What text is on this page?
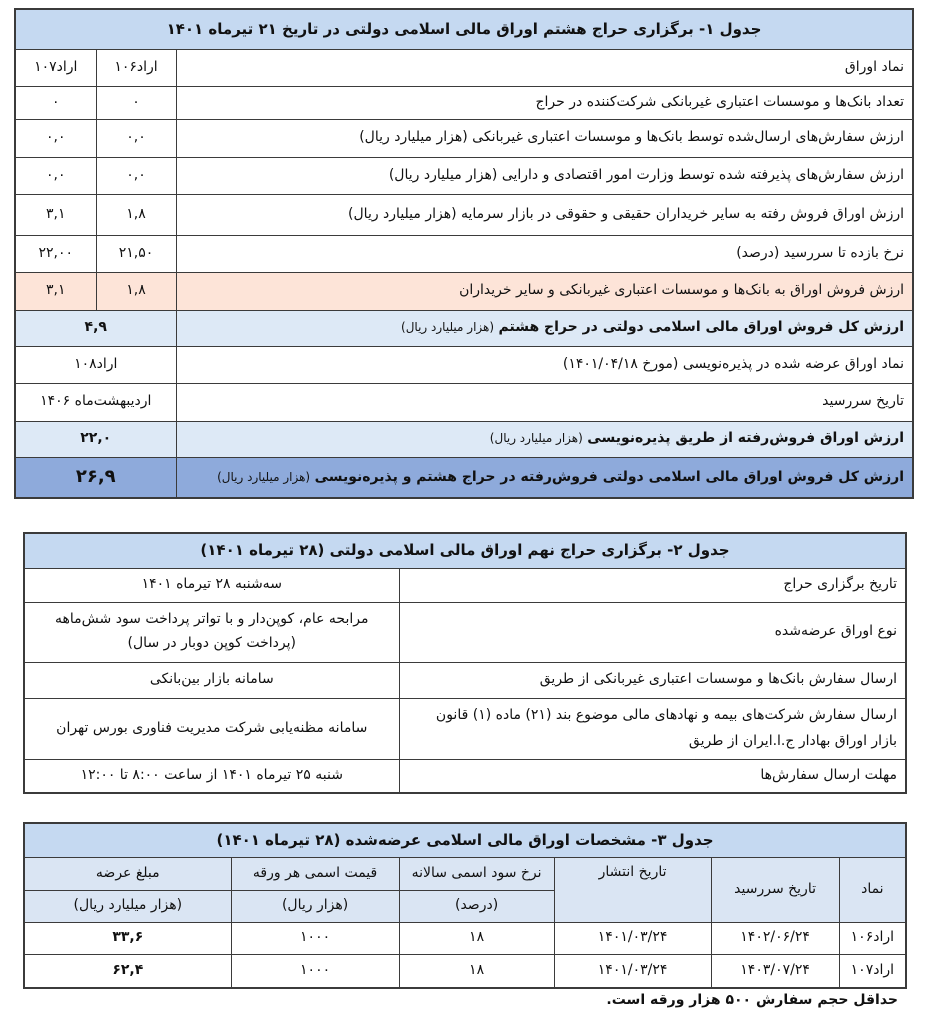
جدول ۱- برگزاری حراج هشتم اوراق مالی اسلامی دولتی در تاریخ ۲۱ تیرماه ۱۴۰۱		
نماد اوراق	اراد۱۰۶	اراد۱۰۷
تعداد بانک‌ها و موسسات اعتباری غیربانکی شرکت‌کننده در حراج	۰	۰
ارزش سفارش‌های ارسال‌شده توسط بانک‌ها و موسسات اعتباری غیربانکی (هزار میلیارد ریال)	۰,۰	۰,۰
ارزش سفارش‌های پذیرفته شده توسط وزارت امور اقتصادی و دارایی (هزار میلیارد ریال)	۰,۰	۰,۰
ارزش اوراق فروش رفته به سایر خریداران حقیقی و حقوقی در بازار سرمایه (هزار میلیارد ریال)	۱,۸	۳,۱
نرخ بازده تا سررسید (درصد)	۲۱,۵۰	۲۲,۰۰
ارزش فروش اوراق به بانک‌ها و موسسات اعتباری غیربانکی و سایر خریداران	۱,۸	۳,۱
ارزش کل فروش اوراق مالی اسلامی دولتی در حراج هشتم (هزار میلیارد ریال)	۴,۹	
نماد اوراق عرضه شده در پذیره‌نویسی (مورخ ۱۴۰۱/۰۴/۱۸)	اراد۱۰۸	
تاریخ سررسید	اردیبهشت‌ماه ۱۴۰۶	
ارزش اوراق فروش‌رفته از طریق پذیره‌نویسی (هزار میلیارد ریال)	۲۲,۰	
ارزش کل فروش اوراق مالی اسلامی دولتی فروش‌رفته در حراج هشتم و پذیره‌نویسی (هزار میلیارد ریال)	۲۶,۹	
جدول ۲- برگزاری حراج نهم اوراق مالی اسلامی دولتی (۲۸ تیرماه ۱۴۰۱)	
تاریخ برگزاری حراج	سه‌شنبه ۲۸ تیرماه ۱۴۰۱
نوع اوراق عرضه‌شده	مرابحه عام، کوپن‌دار و با تواتر پرداخت سود شش‌ماهه
(پرداخت کوپن دوبار در سال)

ارسال سفارش بانک‌ها و موسسات اعتباری غیربانکی از طریق	سامانه بازار بین‌بانکی

ارسال سفارش شرکت‌های بیمه و نهادهای مالی موضوع بند (۲۱) ماده (۱) قانون
بازار اوراق بهادار ج.ا.ایران از طریق	سامانه مظنه‌یابی شرکت مدیریت فناوری بورس تهران
مهلت ارسال سفارش‌ها	شنبه ۲۵ تیرماه ۱۴۰۱ از ساعت ۸:۰۰ تا ۱۲:۰۰
جدول ۳- مشخصات اوراق مالی اسلامی عرضه‌شده (۲۸ تیرماه ۱۴۰۱)					
نماد	تاریخ سررسید	تاریخ انتشار	نرخ سود اسمی سالانه	قیمت اسمی هر ورقه	مبلغ عرضه
			(درصد)	(هزار ریال)	(هزار میلیارد ریال)
اراد۱۰۶	۱۴۰۲/۰۶/۲۴	۱۴۰۱/۰۳/۲۴	۱۸	۱۰۰۰	۳۳,۶
اراد۱۰۷	۱۴۰۳/۰۷/۲۴	۱۴۰۱/۰۳/۲۴	۱۸	۱۰۰۰	۶۲,۴
حداقل حجم سفارش ۵۰۰ هزار ورقه است.
